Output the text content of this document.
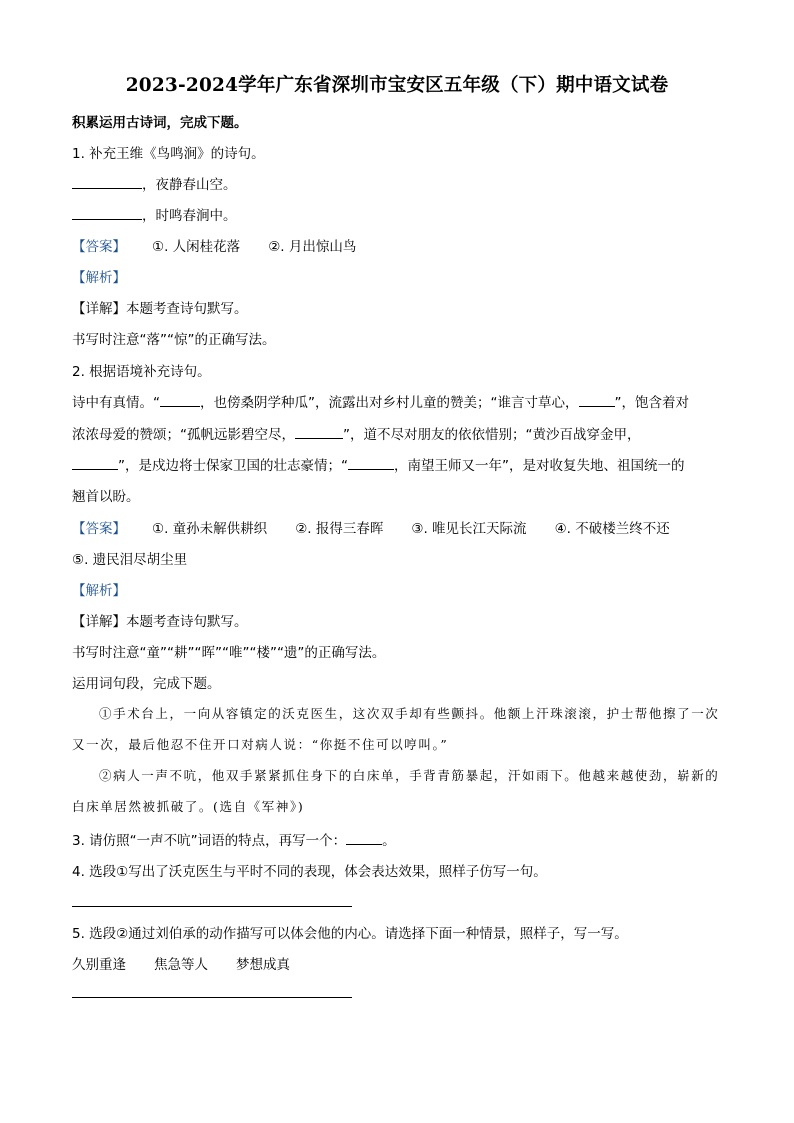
2023-2024学年广东省深圳市宝安区五年级（下）期中语文试卷
积累运用古诗词，完成下题。
1. 补充王维《鸟鸣涧》的诗句。
，夜静春山空。
，时鸣春涧中。
【答案】 ①. 人闲桂花落 ②. 月出惊山鸟
【解析】
【详解】本题考查诗句默写。
书写时注意“落”“惊”的正确写法。
2. 根据语境补充诗句。
诗中有真情。“	，也傍桑阴学种瓜”，流露出对乡村儿童的赞美；“谁言寸草心，	”，饱含着对
浓浓母爱的赞颂；“孤帆远影碧空尽，	”，道不尽对朋友的依依惜别；“黄沙百战穿金甲，
”，是戍边将士保家卫国的壮志豪情；“	，南望王师又一年”，是对收复失地、祖国统一的
翘首以盼。
【答案】 ①. 童孙未解供耕织 ②. 报得三春晖 ③. 唯见长江天际流 ④. 不破楼兰终不还
⑤. 遗民泪尽胡尘里
【解析】
【详解】本题考查诗句默写。
书写时注意“童”“耕”“晖”“唯”“楼”“遗”的正确写法。
运用词句段，完成下题。
①手术台上，一向从容镇定的沃克医生，这次双手却有些颤抖。他额上汗珠滚滚，护士帮他擦了一次
又一次，最后他忍不住开口对病人说：“你挺不住可以哼叫。”
②病人一声不吭，他双手紧紧抓住身下的白床单，手背青筋暴起，汗如雨下。他越来越使劲，崭新的
白床单居然被抓破了。(选自《军神》)
3. 请仿照“一声不吭”词语的特点，再写一个：	。
4. 选段①写出了沃克医生与平时不同的表现，体会表达效果，照样子仿写一句。
5. 选段②通过刘伯承的动作描写可以体会他的内心。请选择下面一种情景，照样子，写一写。
久别重逢 焦急等人 梦想成真
